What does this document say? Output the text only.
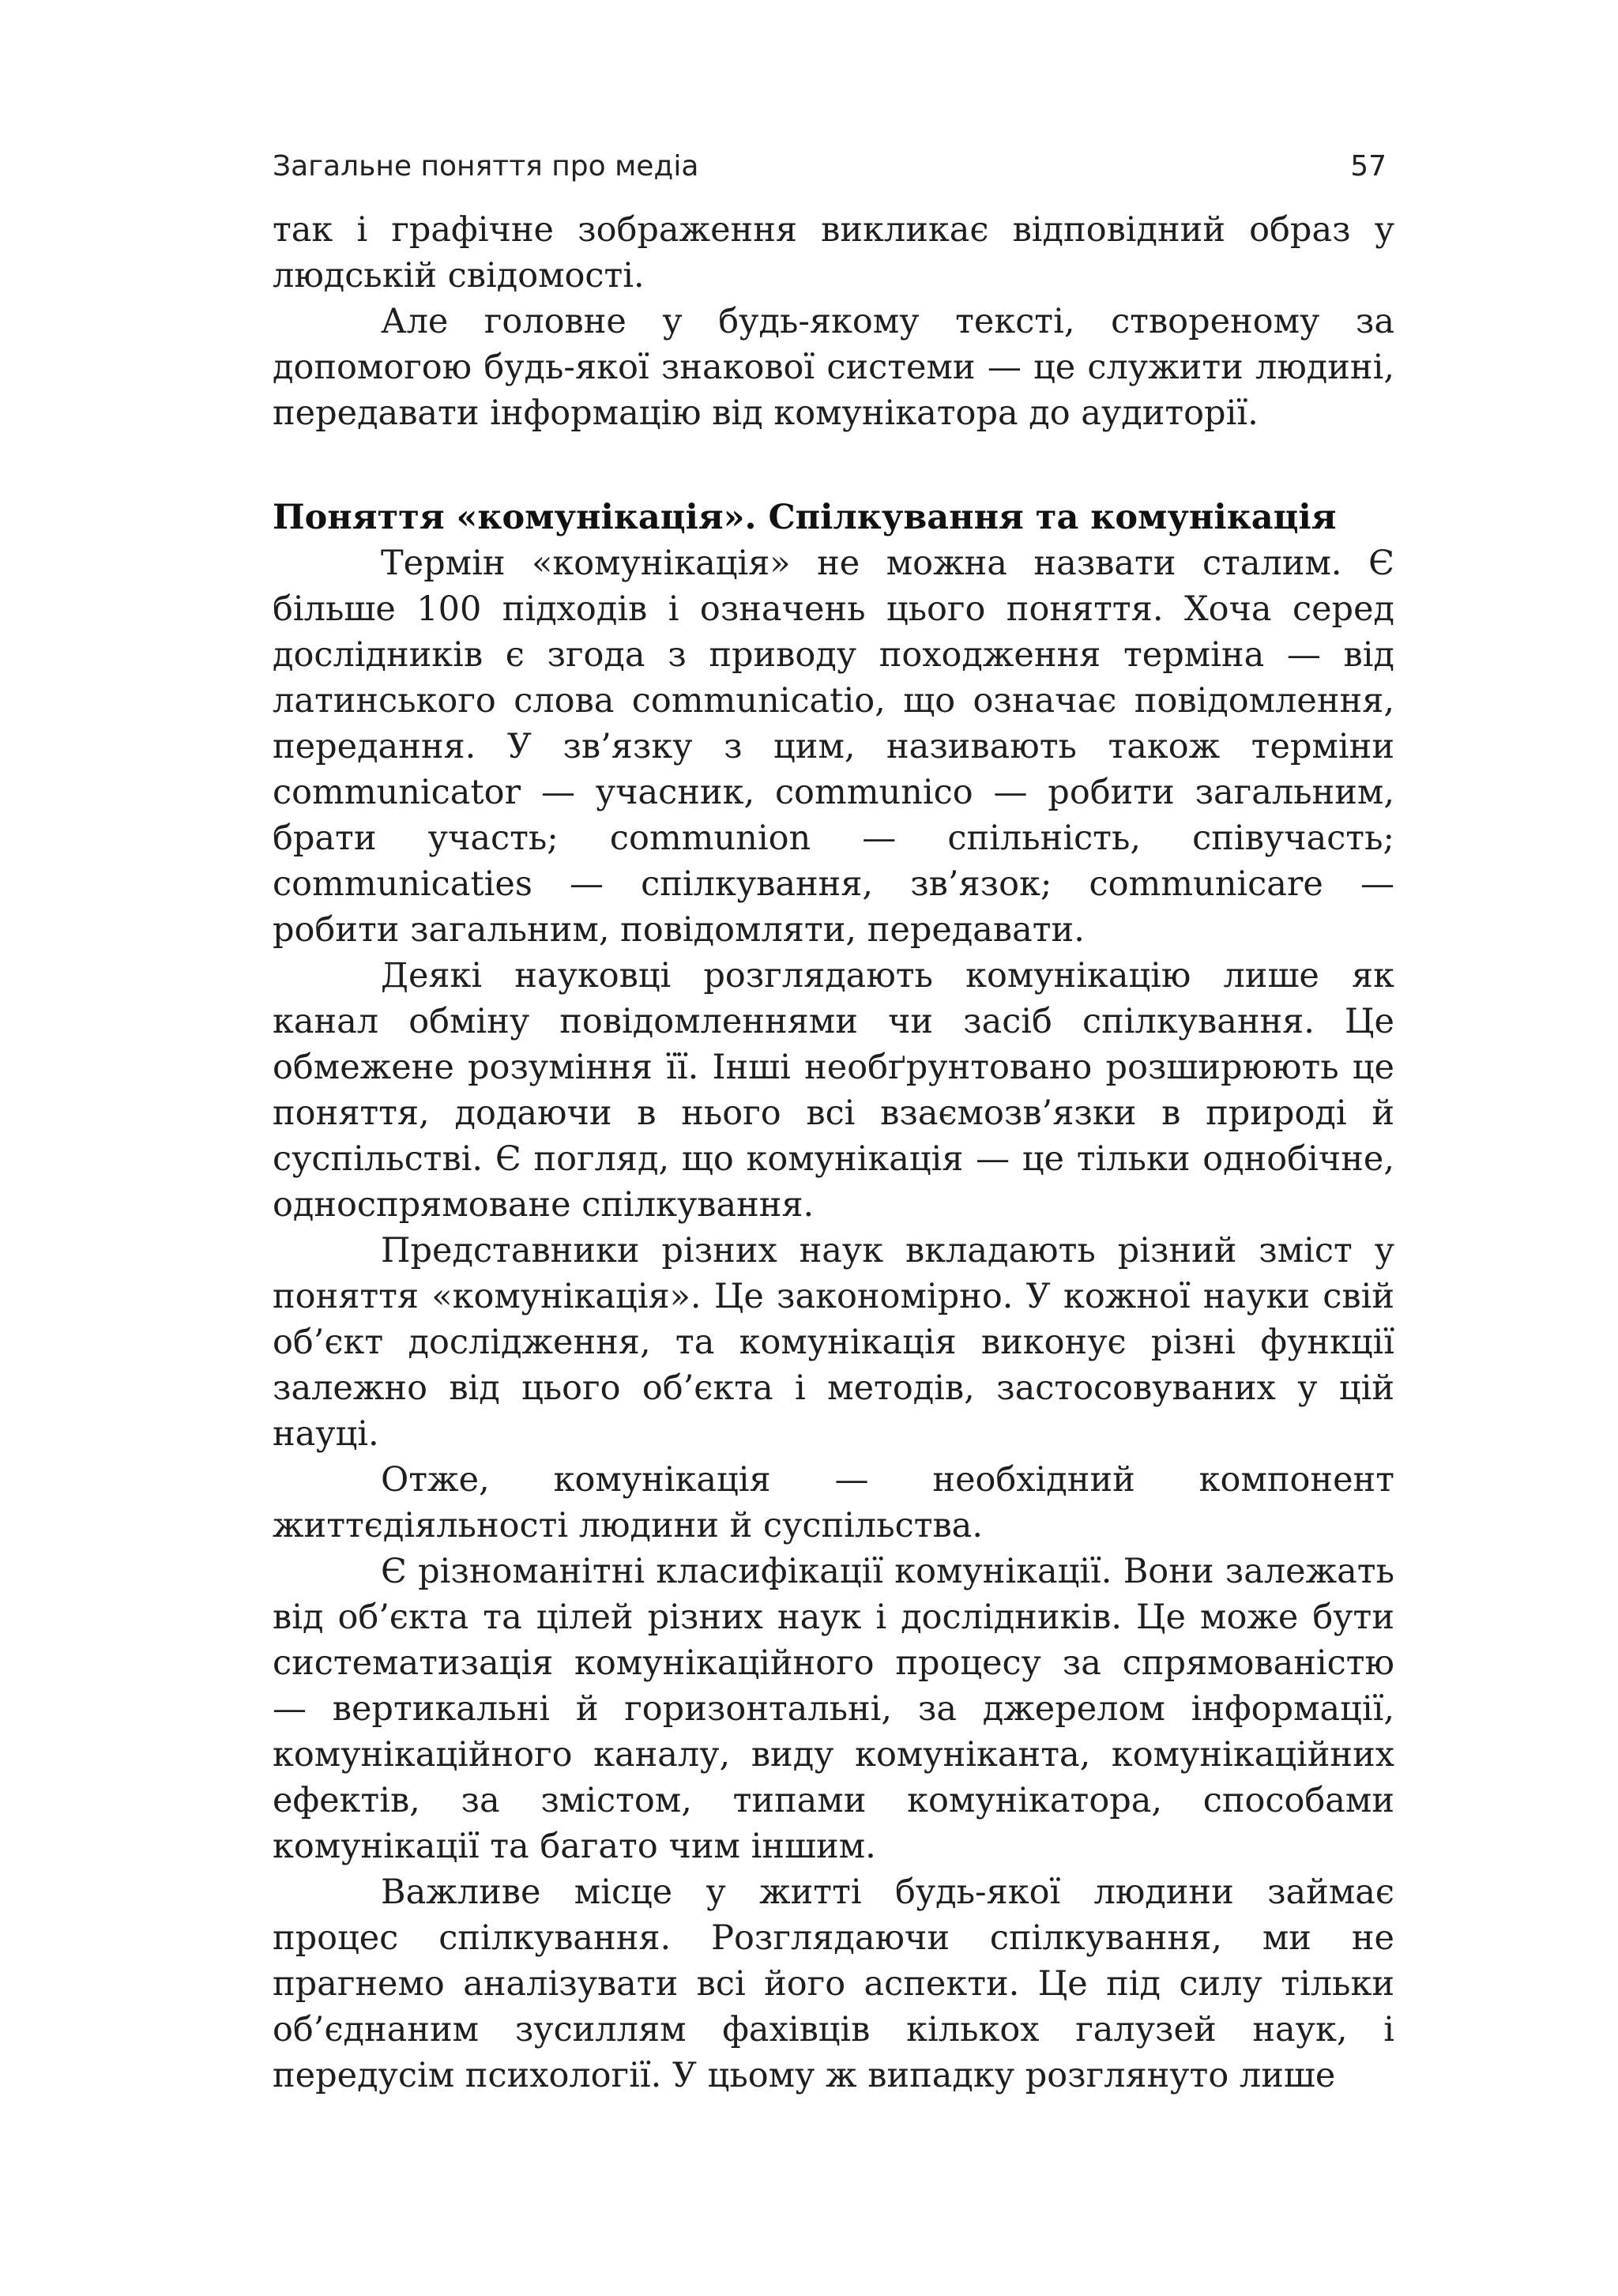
Загальне поняття про медіа	57

так і графічне зображення викликає відповідний образ у людській свідомості.

Але головне у будь-якому тексті, створеному за допомогою будь-якої знакової системи — це служити людині, передавати інформацію від комунікатора до аудиторії.

Поняття «комунікація». Спілкування та комунікація

Термін «комунікація» не можна назвати сталим. Є більше 100 підходів і означень цього поняття. Хоча серед дослідників є згода з приводу походження терміна — від латинського слова communicatio, що означає повідомлення, передання. У зв’язку з цим, називають також терміни communicator — учасник, communico — робити загальним, брати участь; communion — спільність, співучасть; communicaties — спілкування, зв’язок; communicare — робити загальним, повідомляти, передавати.

Деякі науковці розглядають комунікацію лише як канал обміну повідомленнями чи засіб спілкування. Це обмежене розуміння її. Інші необґрунтовано розширюють це поняття, додаючи в нього всі взаємозв’язки в природі й суспільстві. Є погляд, що комунікація — це тільки однобічне, односпрямоване спілкування.

Представники різних наук вкладають різний зміст у поняття «комунікація». Це закономірно. У кожної науки свій об’єкт дослідження, та комунікація виконує різні функції залежно від цього об’єкта і методів, застосовуваних у цій науці.

Отже, комунікація — необхідний компонент життєдіяльності людини й суспільства.

Є різноманітні класифікації комунікації. Вони залежать від об’єкта та цілей різних наук і дослідників. Це може бути систематизація комунікаційного процесу за спрямованістю — вертикальні й горизонтальні, за джерелом інформації, комунікаційного каналу, виду комуніканта, комунікаційних ефектів, за змістом, типами комунікатора, способами комунікації та багато чим іншим.

Важливе місце у житті будь-якої людини займає процес спілкування. Розглядаючи спілкування, ми не прагнемо аналізувати всі його аспекти. Це під силу тільки об’єднаним зусиллям фахівців кількох галузей наук, і передусім психології. У цьому ж випадку розглянуто лише
